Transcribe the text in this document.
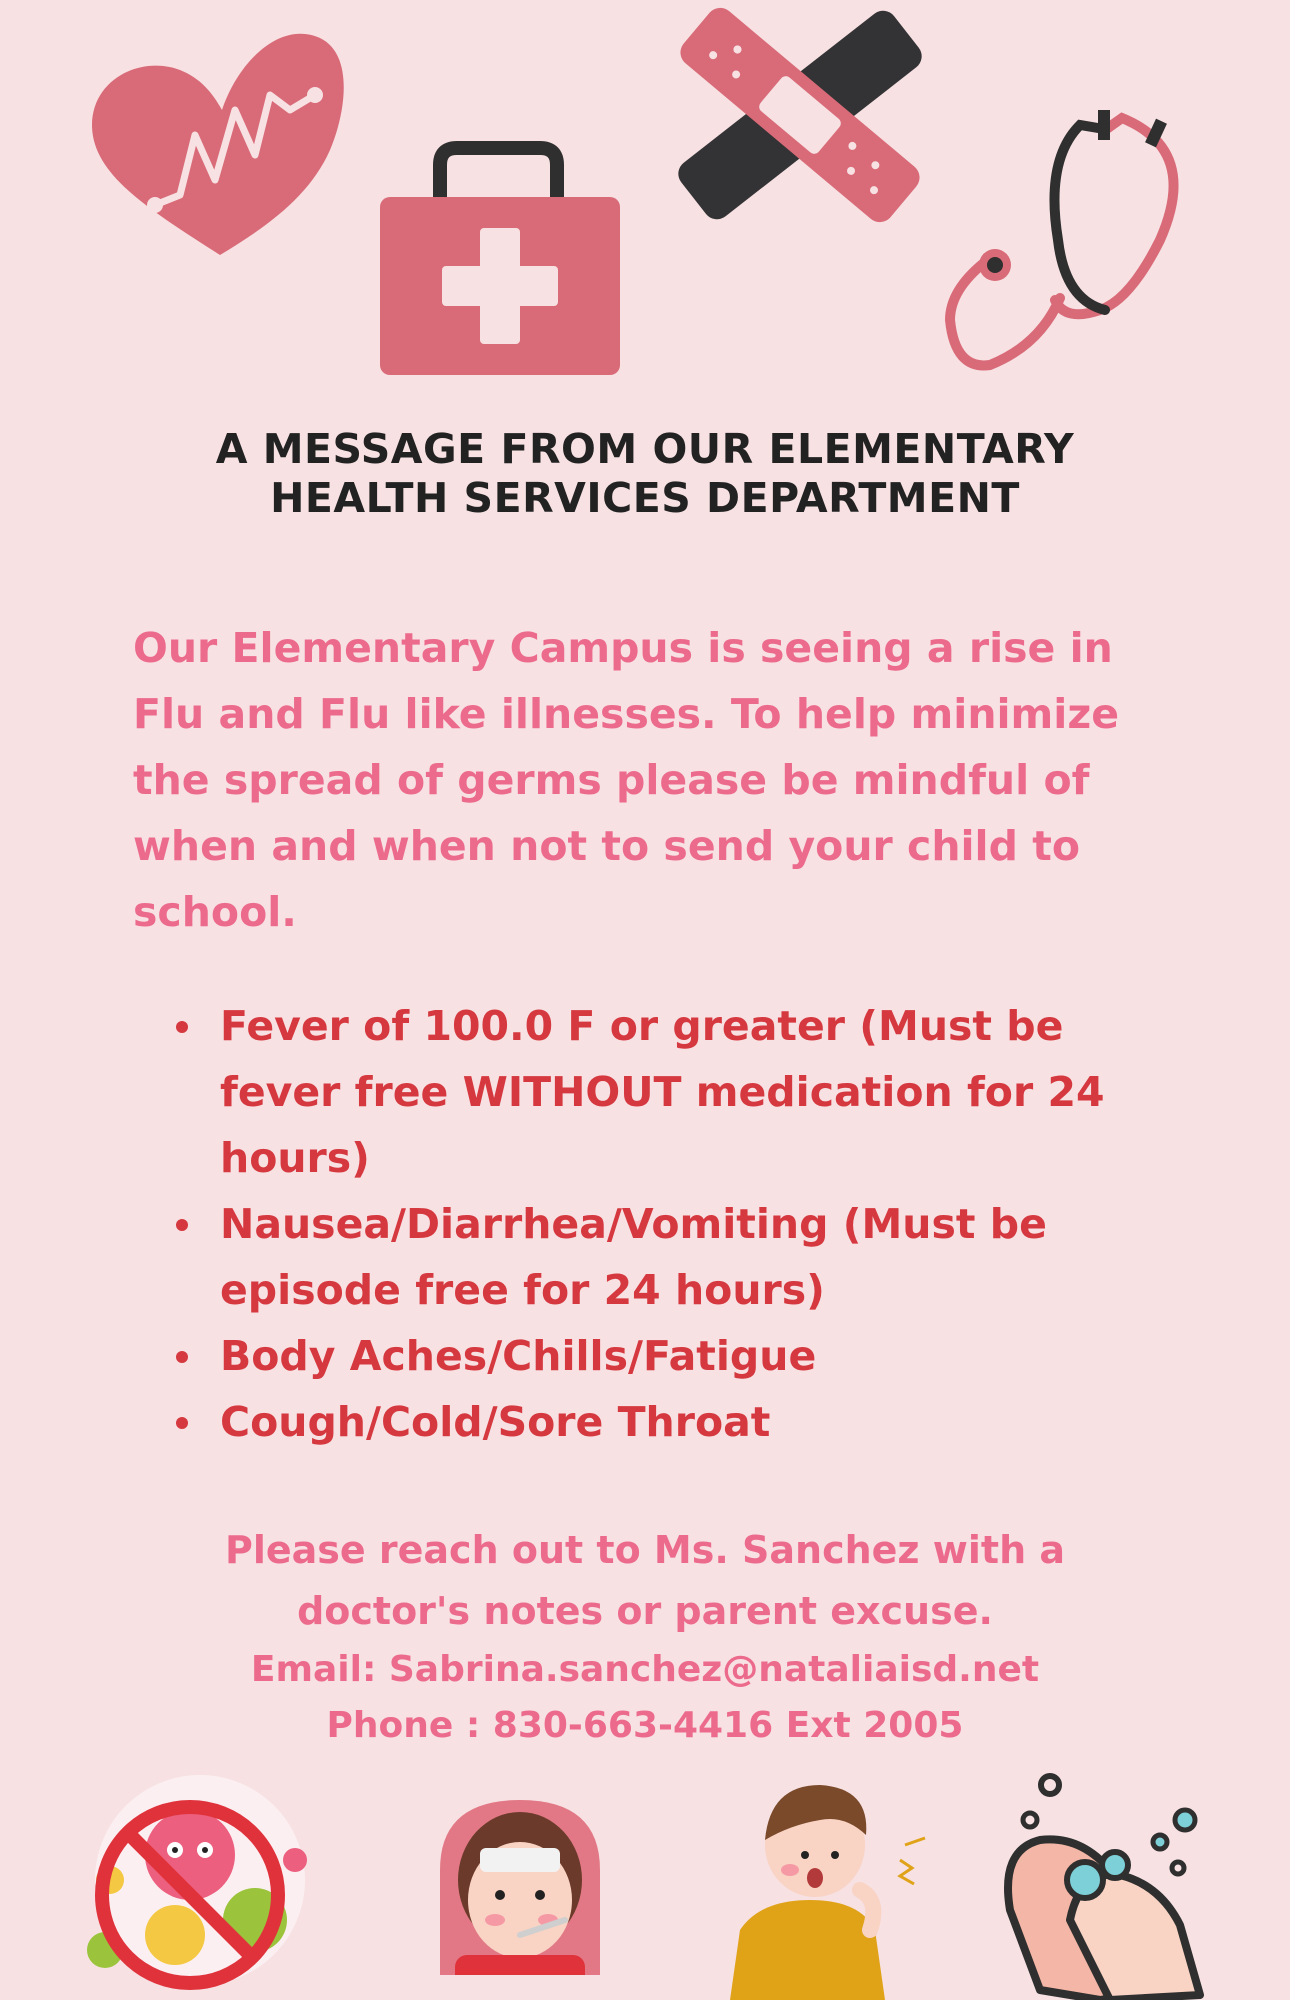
A MESSAGE FROM OUR ELEMENTARY
HEALTH SERVICES DEPARTMENT
Our Elementary Campus is seeing a rise in Flu and Flu like illnesses. To help minimize the spread of germs please be mindful of when and when not to send your child to school.
Fever of 100.0 F or greater (Must be fever free WITHOUT medication for 24 hours)
Nausea/Diarrhea/Vomiting (Must be episode free for 24 hours)
Body Aches/Chills/Fatigue
Cough/Cold/Sore Throat
Please reach out to Ms. Sanchez with a
doctor's notes or parent excuse.
Email: Sabrina.sanchez@nataliaisd.net
Phone : 830-663-4416 Ext 2005
